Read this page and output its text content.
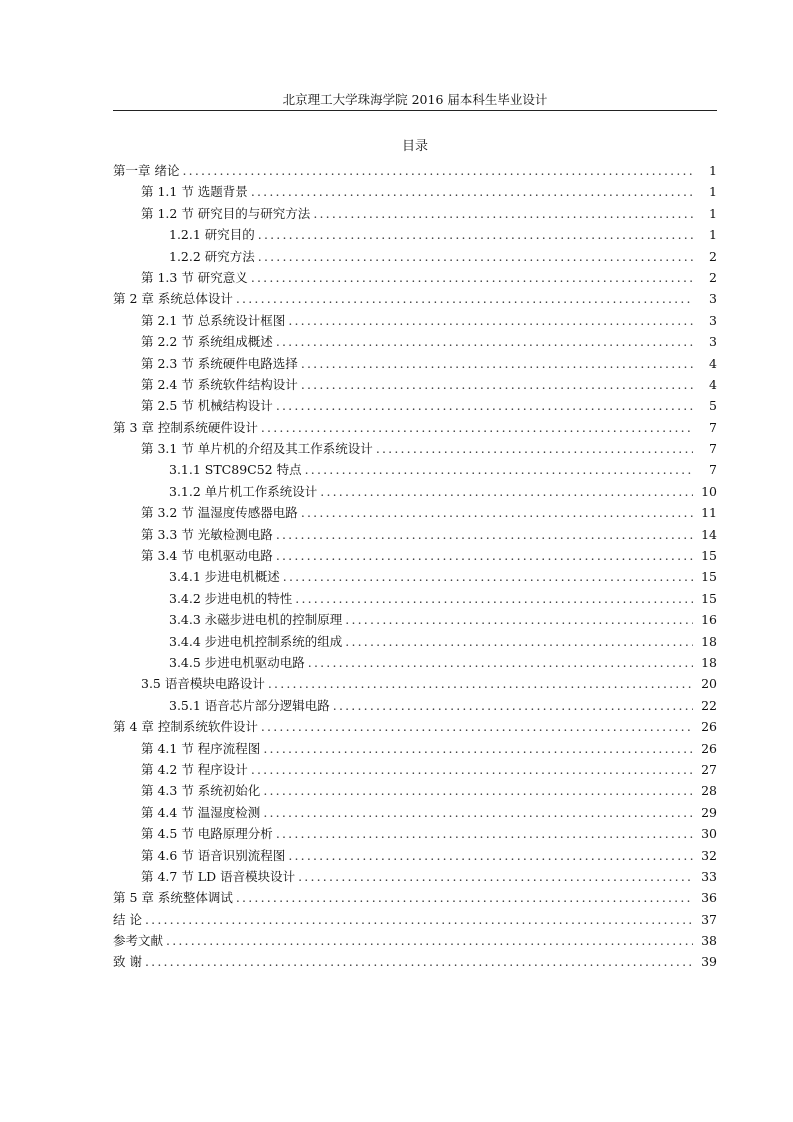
北京理工大学珠海学院 2016 届本科生毕业设计
目录
第一章 绪论 .....	1
第 1.1 节 选题背景 .....	1
第 1.2 节 研究目的与研究方法 .....	1
1.2.1 研究目的 .....	1
1.2.2 研究方法 .....	2
第 1.3 节 研究意义 .....	2
第 2 章 系统总体设计 .....	3
第 2.1 节 总系统设计框图 .....	3
第 2.2 节 系统组成概述 .....	3
第 2.3 节 系统硬件电路选择 .....	4
第 2.4 节 系统软件结构设计 .....	4
第 2.5 节 机械结构设计 .....	5
第 3 章 控制系统硬件设计 .....	7
第 3.1 节 单片机的介绍及其工作系统设计 .....	7
3.1.1 STC89C52 特点 .....	7
3.1.2 单片机工作系统设计 .....	10
第 3.2 节 温湿度传感器电路 .....	11
第 3.3 节 光敏检测电路 .....	14
第 3.4 节 电机驱动电路 .....	15
3.4.1 步进电机概述 .....	15
3.4.2 步进电机的特性 .....	15
3.4.3 永磁步进电机的控制原理 .....	16
3.4.4 步进电机控制系统的组成 .....	18
3.4.5 步进电机驱动电路 .....	18
3.5 语音模块电路设计 .....	20
3.5.1 语音芯片部分逻辑电路 .....	22
第 4 章 控制系统软件设计 .....	26
第 4.1 节 程序流程图 .....	26
第 4.2 节 程序设计 .....	27
第 4.3 节 系统初始化 .....	28
第 4.4 节 温湿度检测 .....	29
第 4.5 节 电路原理分析 .....	30
第 4.6 节 语音识别流程图 .....	32
第 4.7 节 LD 语音模块设计 .....	33
第 5 章 系统整体调试 .....	36
结 论 .....	37
参考文献 .....	38
致 谢 .....	39
